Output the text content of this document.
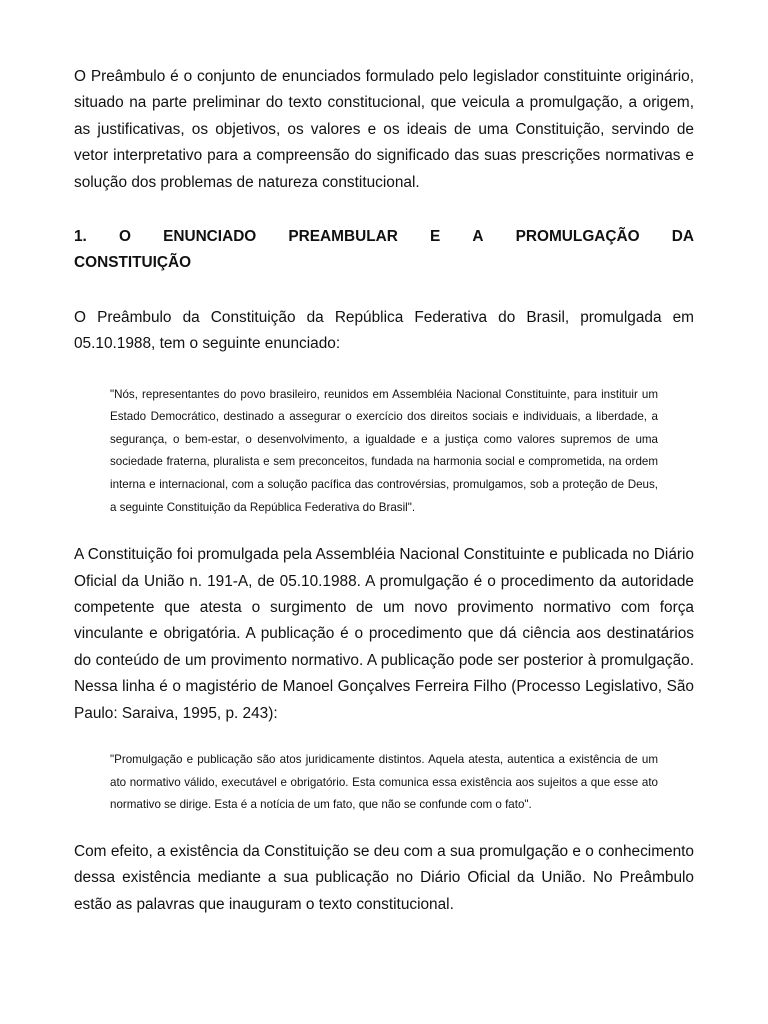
O Preâmbulo é o conjunto de enunciados formulado pelo legislador constituinte originário, situado na parte preliminar do texto constitucional, que veicula a promulgação, a origem, as justificativas, os objetivos, os valores e os ideais de uma Constituição, servindo de vetor interpretativo para a compreensão do significado das suas prescrições normativas e solução dos problemas de natureza constitucional.

1. O ENUNCIADO PREAMBULAR E A PROMULGAÇÃO DA
CONSTITUIÇÃO

O Preâmbulo da Constituição da República Federativa do Brasil, promulgada em 05.10.1988, tem o seguinte enunciado:

"Nós, representantes do povo brasileiro, reunidos em Assembléia Nacional Constituinte, para instituir um Estado Democrático, destinado a assegurar o exercício dos direitos sociais e individuais, a liberdade, a segurança, o bem-estar, o desenvolvimento, a igualdade e a justiça como valores supremos de uma sociedade fraterna, pluralista e sem preconceitos, fundada na harmonia social e comprometida, na ordem interna e internacional, com a solução pacífica das controvérsias, promulgamos, sob a proteção de Deus, a seguinte Constituição da República Federativa do Brasil".

A Constituição foi promulgada pela Assembléia Nacional Constituinte e publicada no Diário Oficial da União n. 191-A, de 05.10.1988. A promulgação é o procedimento da autoridade competente que atesta o surgimento de um novo provimento normativo com força vinculante e obrigatória. A publicação é o procedimento que dá ciência aos destinatários do conteúdo de um provimento normativo. A publicação pode ser posterior à promulgação. Nessa linha é o magistério de Manoel Gonçalves Ferreira Filho (Processo Legislativo, São Paulo: Saraiva, 1995, p. 243):

"Promulgação e publicação são atos juridicamente distintos. Aquela atesta, autentica a existência de um ato normativo válido, executável e obrigatório. Esta comunica essa existência aos sujeitos a que esse ato normativo se dirige. Esta é a notícia de um fato, que não se confunde com o fato".

Com efeito, a existência da Constituição se deu com a sua promulgação e o conhecimento dessa existência mediante a sua publicação no Diário Oficial da União. No Preâmbulo estão as palavras que inauguram o texto constitucional.
